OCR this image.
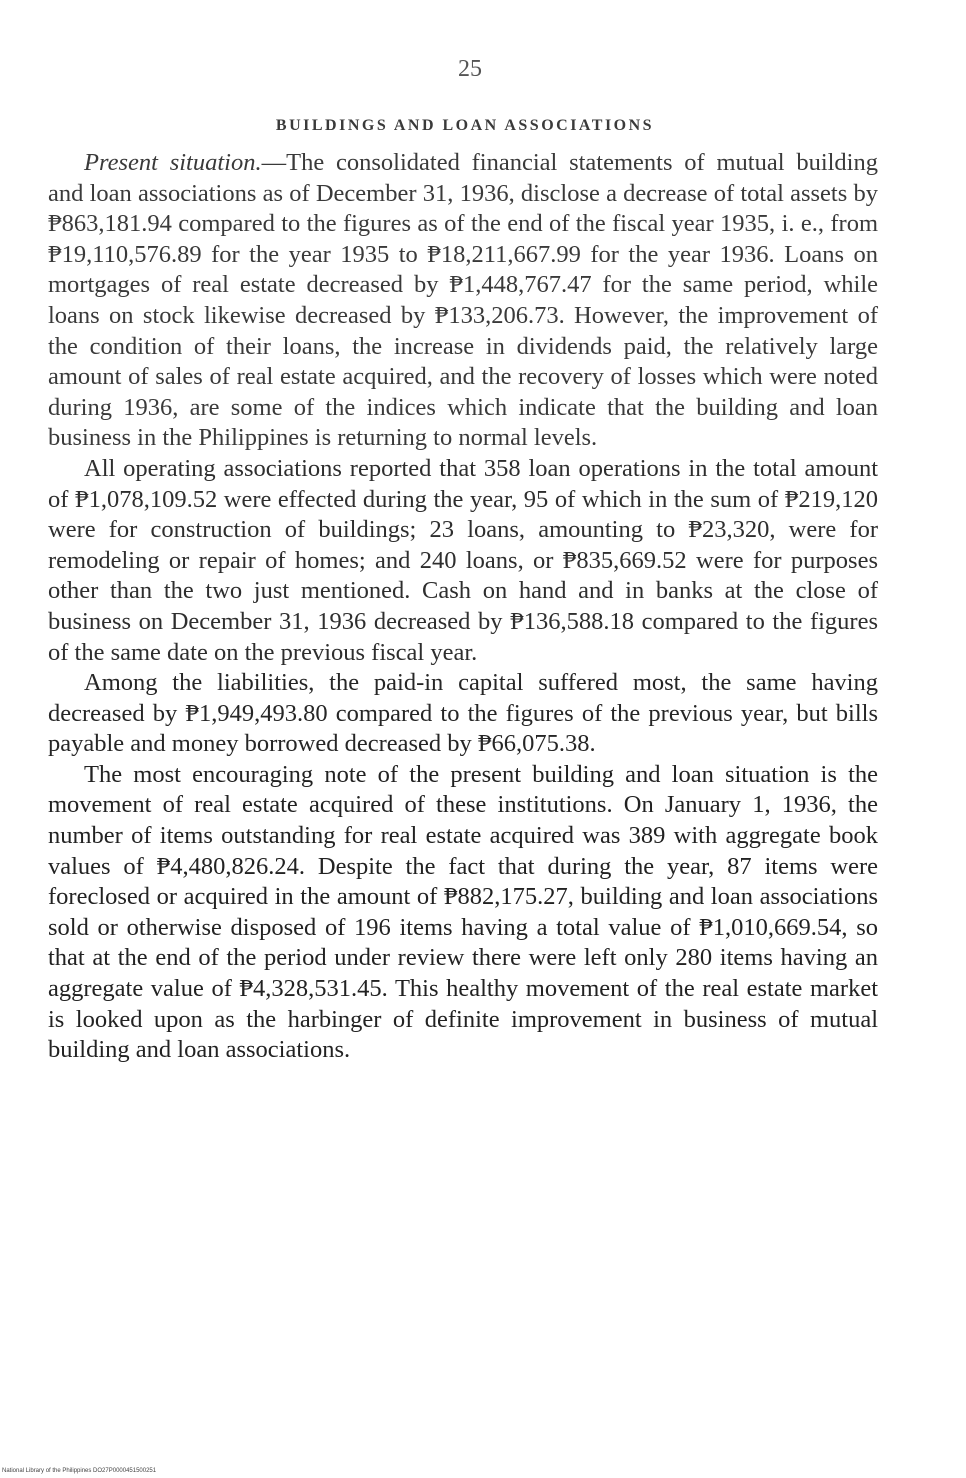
25
BUILDINGS AND LOAN ASSOCIATIONS

Present situation.—The consolidated financial statements of mutual building and loan associations as of December 31, 1936, disclose a decrease of total assets by ₱863,181.94 compared to the figures as of the end of the fiscal year 1935, i. e., from ₱19,110,576.89 for the year 1935 to ₱18,211,667.99 for the year 1936. Loans on mortgages of real estate decreased by ₱1,448,767.47 for the same period, while loans on stock likewise decreased by ₱133,206.73. However, the improvement of the condition of their loans, the increase in dividends paid, the relatively large amount of sales of real estate acquired, and the recovery of losses which were noted during 1936, are some of the indices which indicate that the building and loan business in the Philippines is returning to normal levels.

All operating associations reported that 358 loan operations in the total amount of ₱1,078,109.52 were effected during the year, 95 of which in the sum of ₱219,120 were for construction of buildings; 23 loans, amounting to ₱23,320, were for remodeling or repair of homes; and 240 loans, or ₱835,669.52 were for purposes other than the two just mentioned. Cash on hand and in banks at the close of business on December 31, 1936 decreased by ₱136,588.18 compared to the figures of the same date on the previous fiscal year.

Among the liabilities, the paid-in capital suffered most, the same having decreased by ₱1,949,493.80 compared to the figures of the previous year, but bills payable and money borrowed decreased by ₱66,075.38.

The most encouraging note of the present building and loan situation is the movement of real estate acquired of these institutions. On January 1, 1936, the number of items outstanding for real estate acquired was 389 with aggregate book values of ₱4,480,826.24. Despite the fact that during the year, 87 items were foreclosed or acquired in the amount of ₱882,175.27, building and loan associations sold or otherwise disposed of 196 items having a total value of ₱1,010,669.54, so that at the end of the period under review there were left only 280 items having an aggregate value of ₱4,328,531.45. This healthy movement of the real estate market is looked upon as the harbinger of definite improvement in business of mutual building and loan associations.

National Library of the Philippines DO27P0000451500251
